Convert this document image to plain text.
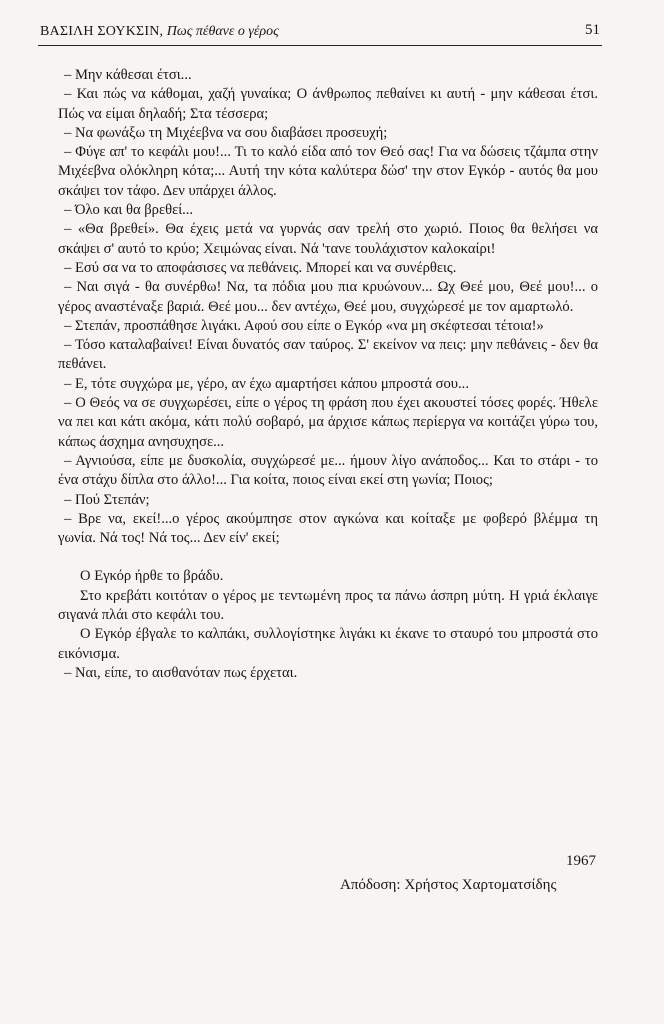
ΒΑΣΙΛΗ ΣΟΥΚΣΙΝ, Πως πέθανε ο γέρος	51

– Μην κάθεσαι έτσι...

– Και πώς να κάθομαι, χαζή γυναίκα; Ο άνθρωπος πεθαίνει κι αυτή - μην κάθεσαι έτσι. Πώς να είμαι δηλαδή; Στα τέσσερα;

– Να φωνάξω τη Μιχέεβνα να σου διαβάσει προσευχή;

– Φύγε απ' το κεφάλι μου!... Τι το καλό είδα από τον Θεό σας! Για να δώσεις τζάμπα στην Μιχέεβνα ολόκληρη κότα;... Αυτή την κότα καλύτερα δώσ' την στον Εγκόρ - αυτός θα μου σκάψει τον τάφο. Δεν υπάρχει άλλος.

– Όλο και θα βρεθεί...

– «Θα βρεθεί». Θα έχεις μετά να γυρνάς σαν τρελή στο χωριό. Ποιος θα θελήσει να σκάψει σ' αυτό το κρύο; Χειμώνας είναι. Νά 'τανε τουλάχιστον καλοκαίρι!

– Εσύ σα να το αποφάσισες να πεθάνεις. Μπορεί και να συνέρθεις.

– Ναι σιγά - θα συνέρθω! Να, τα πόδια μου πια κρυώνουν... Ωχ Θεέ μου, Θεέ μου!... ο γέρος αναστέναξε βαριά. Θεέ μου... δεν αντέχω, Θεέ μου, συγχώρεσέ με τον αμαρτωλό.

– Στεπάν, προσπάθησε λιγάκι. Αφού σου είπε ο Εγκόρ «να μη σκέφτεσαι τέτοια!»

– Τόσο καταλαβαίνει! Είναι δυνατός σαν ταύρος. Σ' εκείνον να πεις: μην πεθάνεις - δεν θα πεθάνει.

– Ε, τότε συγχώρα με, γέρο, αν έχω αμαρτήσει κάπου μπροστά σου...

– Ο Θεός να σε συγχωρέσει, είπε ο γέρος τη φράση που έχει ακουστεί τόσες φορές. Ήθελε να πει και κάτι ακόμα, κάτι πολύ σοβαρό, μα άρχισε κάπως περίεργα να κοιτάζει γύρω του, κάπως άσχημα ανησυχησε...

– Αγνιούσα, είπε με δυσκολία, συγχώρεσέ με... ήμουν λίγο ανάποδος... Και το στάρι - το ένα στάχυ δίπλα στο άλλο!... Για κοίτα, ποιος είναι εκεί στη γωνία; Ποιος;

– Πού Στεπάν;

– Βρε να, εκεί!...ο γέρος ακούμπησε στον αγκώνα και κοίταξε με φοβερό βλέμμα τη γωνία. Νά τος! Νά τος... Δεν είν' εκεί;

Ο Εγκόρ ήρθε το βράδυ.

Στο κρεβάτι κοιτόταν ο γέρος με τεντωμένη προς τα πάνω άσπρη μύτη. Η γριά έκλαιγε σιγανά πλάι στο κεφάλι του.

Ο Εγκόρ έβγαλε το καλπάκι, συλλογίστηκε λιγάκι κι έκανε το σταυρό του μπροστά στο εικόνισμα.

– Ναι, είπε, το αισθανόταν πως έρχεται.

1967
Απόδοση: Χρήστος Χαρτοματσίδης
